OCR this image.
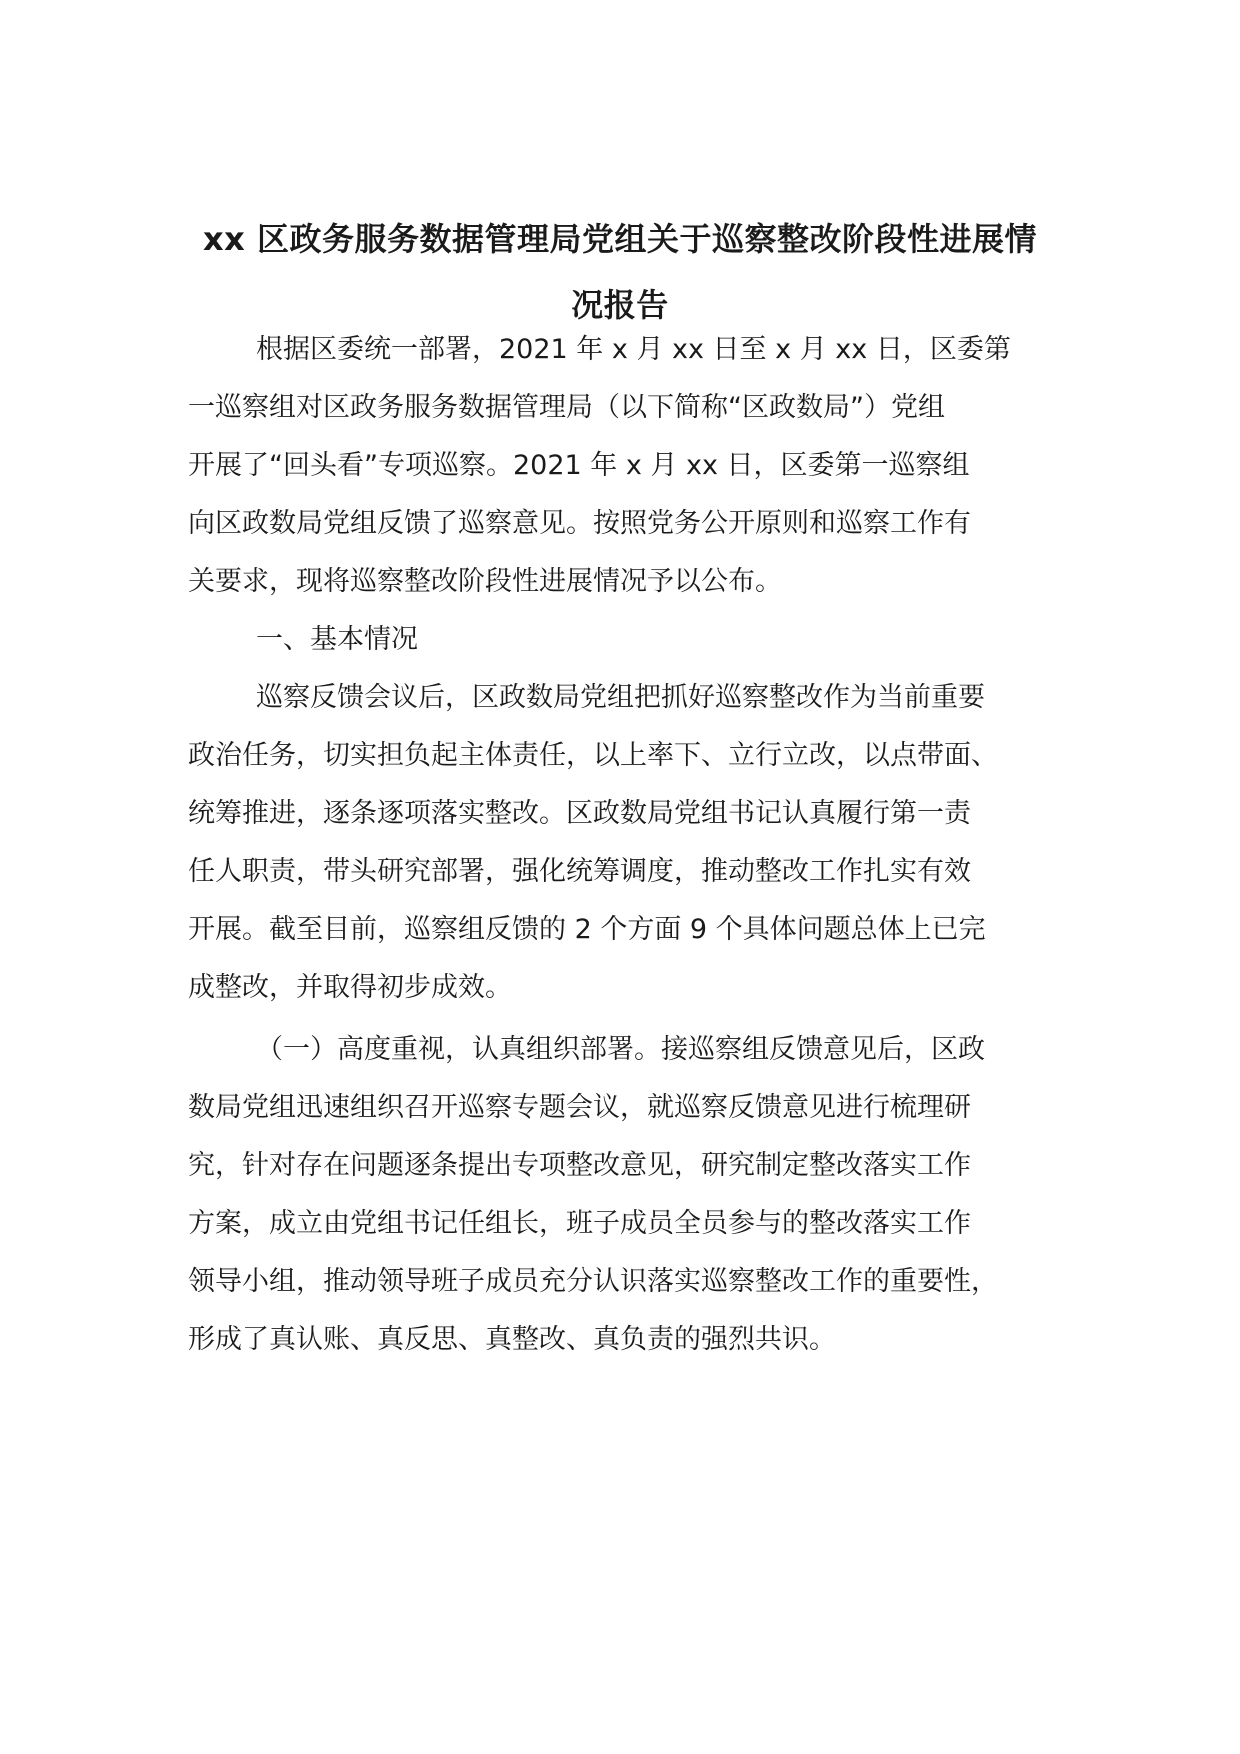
xx 区政务服务数据管理局党组关于巡察整改阶段性进展情
况报告

根据区委统一部署，2021 年 x 月 xx 日至 x 月 xx 日，区委第

一巡察组对区政务服务数据管理局（以下简称“区政数局”）党组

开展了“回头看”专项巡察。2021 年 x 月 xx 日，区委第一巡察组

向区政数局党组反馈了巡察意见。按照党务公开原则和巡察工作有

关要求，现将巡察整改阶段性进展情况予以公布。

一、基本情况

巡察反馈会议后，区政数局党组把抓好巡察整改作为当前重要

政治任务，切实担负起主体责任，以上率下、立行立改，以点带面、

统筹推进，逐条逐项落实整改。区政数局党组书记认真履行第一责

任人职责，带头研究部署，强化统筹调度，推动整改工作扎实有效

开展。截至目前，巡察组反馈的 2 个方面 9 个具体问题总体上已完

成整改，并取得初步成效。

（一）高度重视，认真组织部署。接巡察组反馈意见后，区政

数局党组迅速组织召开巡察专题会议，就巡察反馈意见进行梳理研

究，针对存在问题逐条提出专项整改意见，研究制定整改落实工作

方案，成立由党组书记任组长，班子成员全员参与的整改落实工作

领导小组，推动领导班子成员充分认识落实巡察整改工作的重要性，

形成了真认账、真反思、真整改、真负责的强烈共识。
